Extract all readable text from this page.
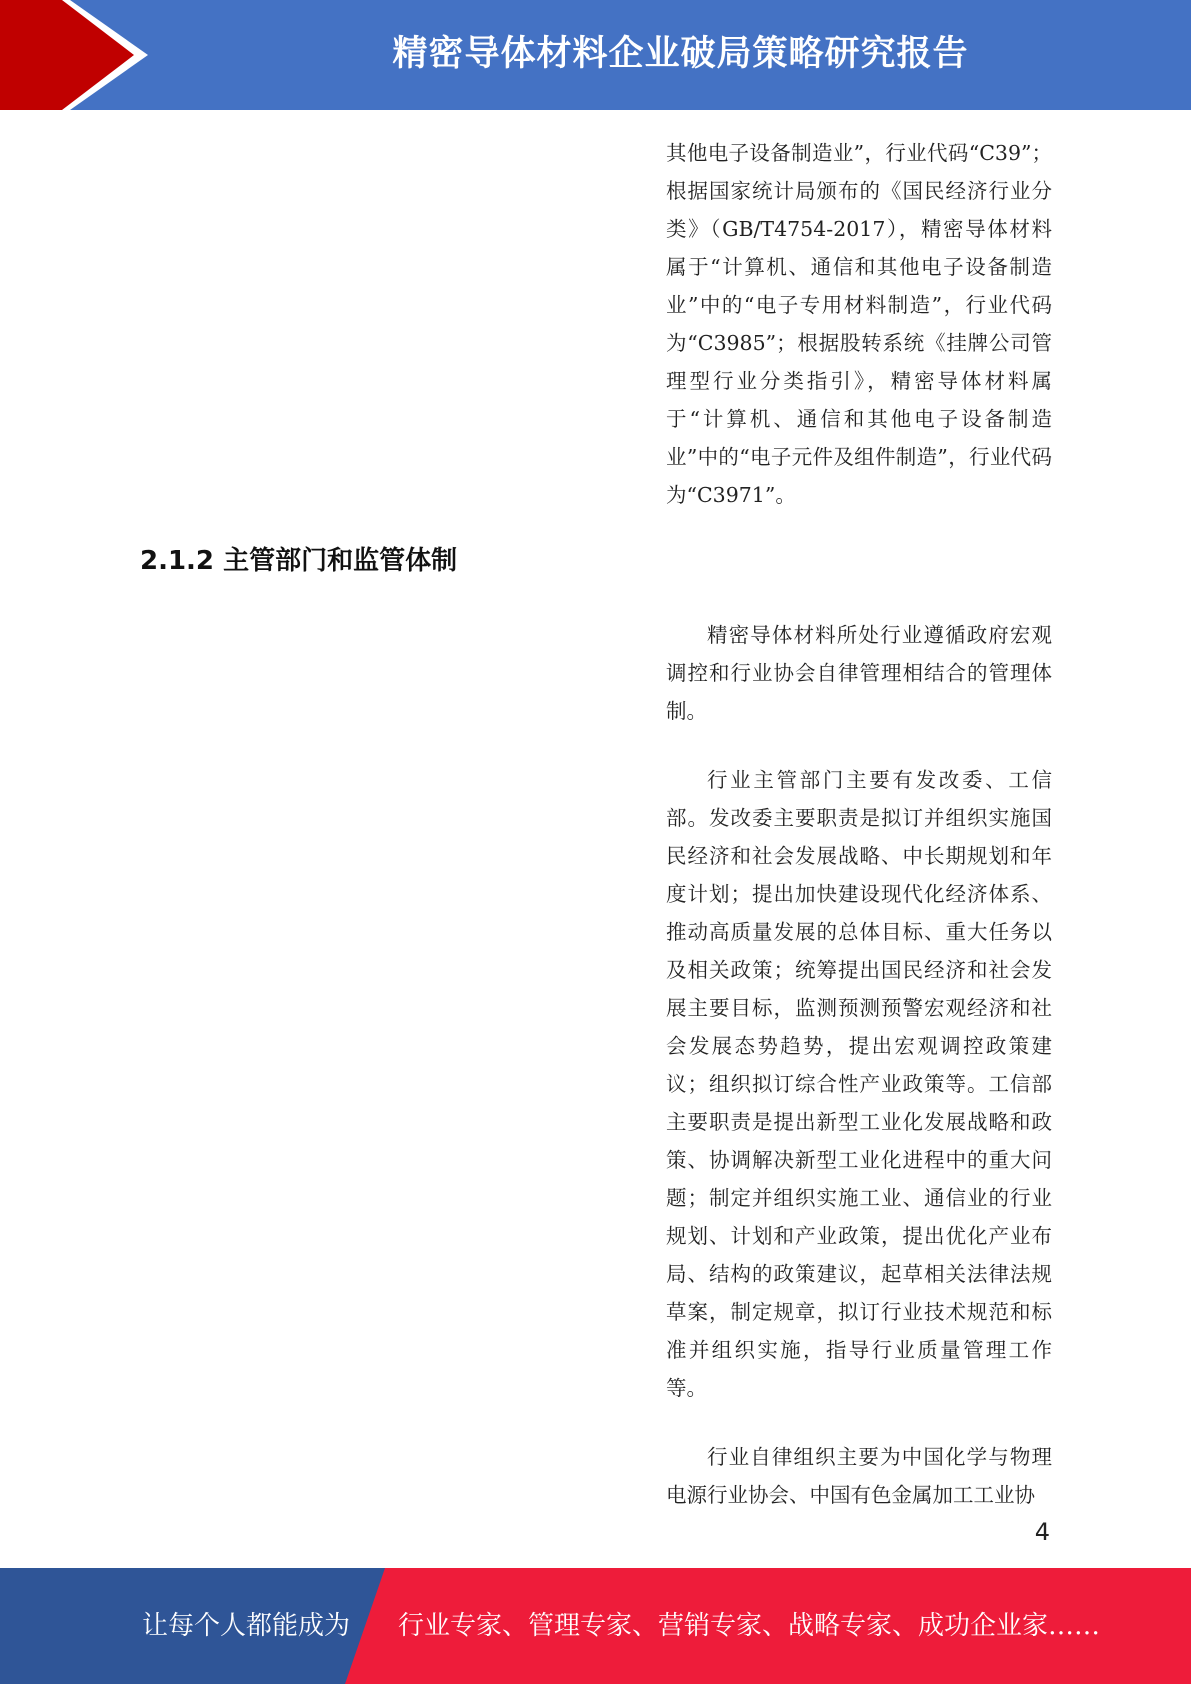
精密导体材料企业破局策略研究报告

其他电子设备制造业”，行业代码“C39”；根据国家统计局颁布的《国民经济行业分类》（GB/T4754-2017），精密导体材料属于“计算机、通信和其他电子设备制造业”中的“电子专用材料制造”，行业代码为“C3985”；根据股转系统《挂牌公司管理型行业分类指引》，精密导体材料属于“计算机、通信和其他电子设备制造业”中的“电子元件及组件制造”，行业代码为“C3971”。

2.1.2 主管部门和监管体制

精密导体材料所处行业遵循政府宏观调控和行业协会自律管理相结合的管理体制。

行业主管部门主要有发改委、工信部。发改委主要职责是拟订并组织实施国民经济和社会发展战略、中长期规划和年度计划；提出加快建设现代化经济体系、推动高质量发展的总体目标、重大任务以及相关政策；统筹提出国民经济和社会发展主要目标，监测预测预警宏观经济和社会发展态势趋势，提出宏观调控政策建议；组织拟订综合性产业政策等。工信部主要职责是提出新型工业化发展战略和政策、协调解决新型工业化进程中的重大问题；制定并组织实施工业、通信业的行业规划、计划和产业政策，提出优化产业布局、结构的政策建议，起草相关法律法规草案，制定规章，拟订行业技术规范和标准并组织实施，指导行业质量管理工作等。

行业自律组织主要为中国化学与物理电源行业协会、中国有色金属加工工业协

4
让每个人都能成为 行业专家、管理专家、营销专家、战略专家、成功企业家……
